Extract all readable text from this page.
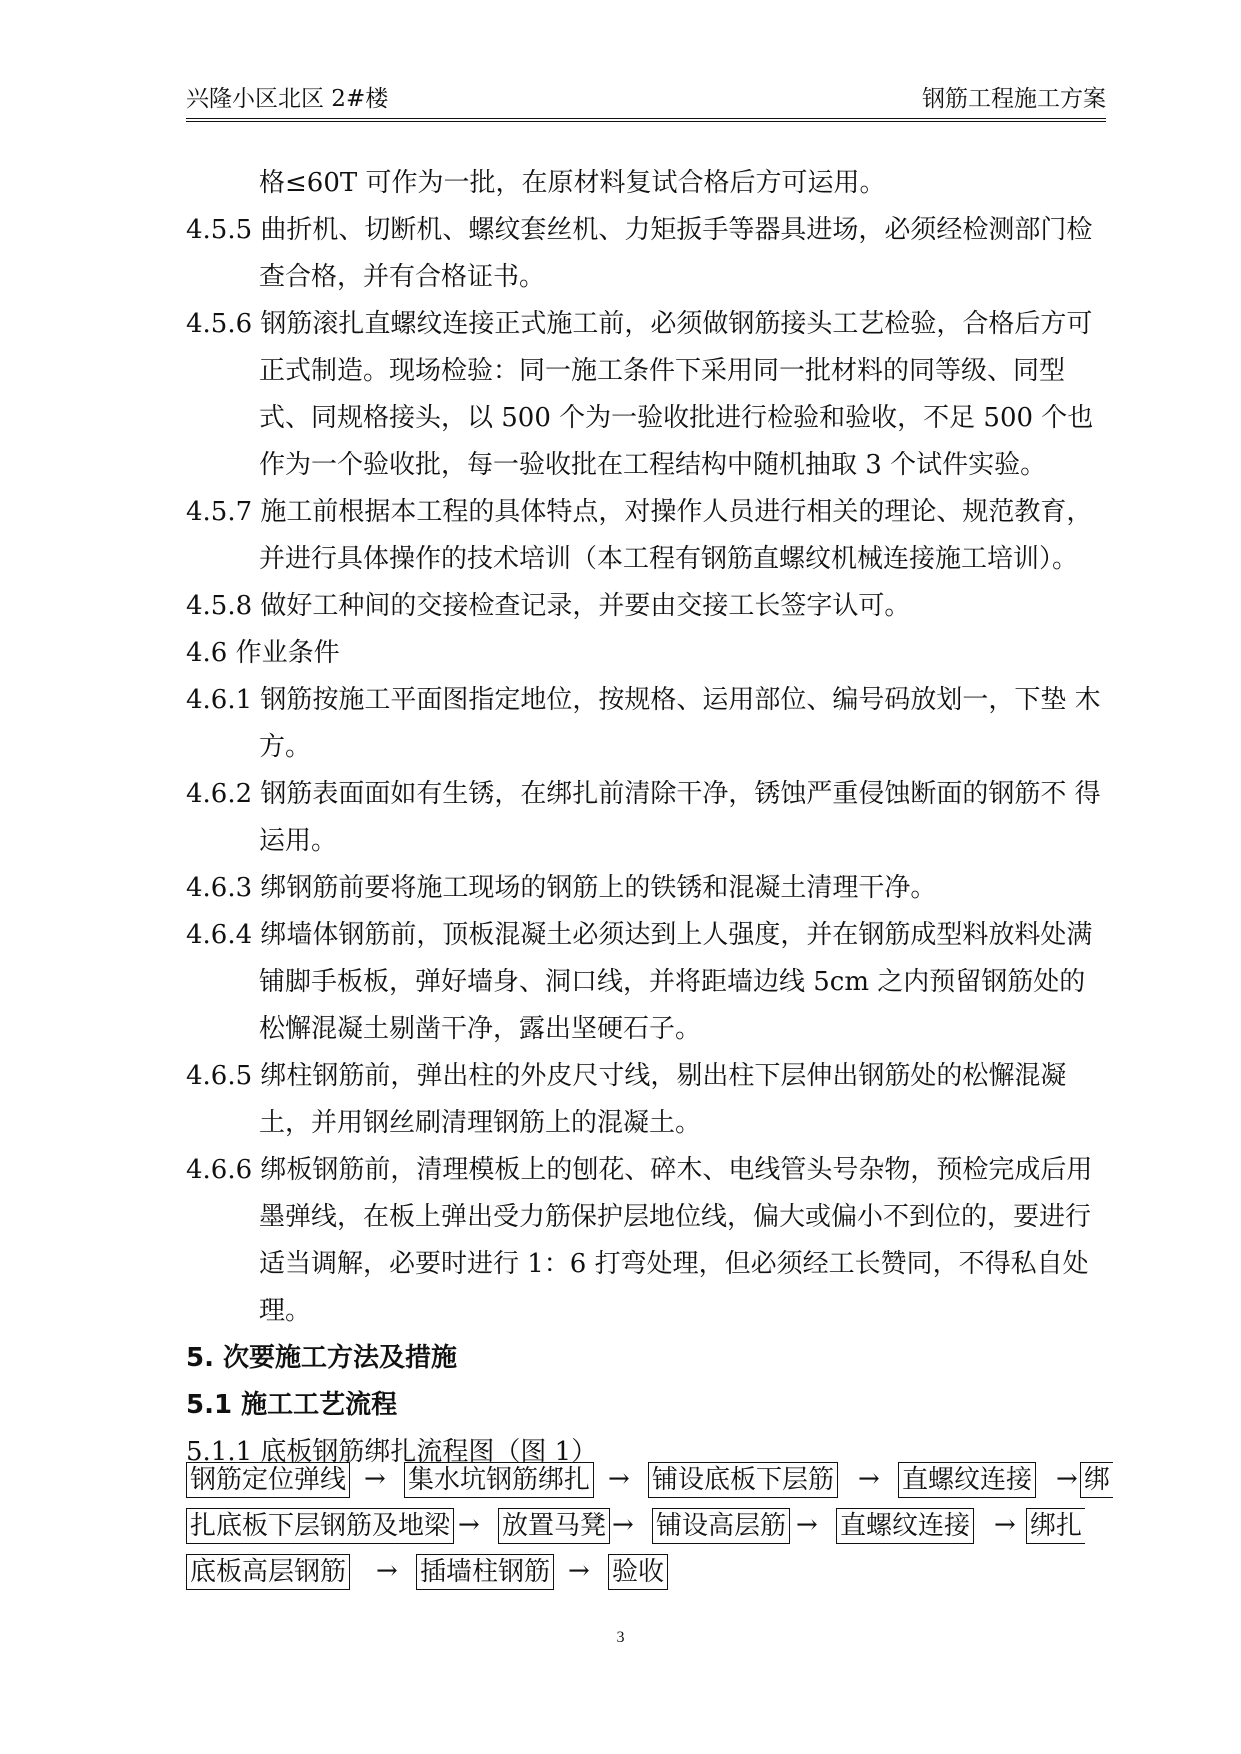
兴隆小区北区 2#楼	钢筋工程施工方案

格≤60T 可作为一批，在原材料复试合格后方可运用。

4.5.5 曲折机、切断机、螺纹套丝机、力矩扳手等器具进场，必须经检测部门检查合格，并有合格证书。

4.5.6 钢筋滚扎直螺纹连接正式施工前，必须做钢筋接头工艺检验，合格后方可正式制造。现场检验：同一施工条件下采用同一批材料的同等级、同型式、同规格接头，以 500 个为一验收批进行检验和验收，不足 500 个也作为一个验收批，每一验收批在工程结构中随机抽取 3 个试件实验。

4.5.7 施工前根据本工程的具体特点，对操作人员进行相关的理论、规范教育，并进行具体操作的技术培训（本工程有钢筋直螺纹机械连接施工培训）。

4.5.8 做好工种间的交接检查记录，并要由交接工长签字认可。

4.6 作业条件

4.6.1 钢筋按施工平面图指定地位，按规格、运用部位、编号码放划一，下垫 木方。

4.6.2 钢筋表面面如有生锈，在绑扎前清除干净，锈蚀严重侵蚀断面的钢筋不 得运用。

4.6.3 绑钢筋前要将施工现场的钢筋上的铁锈和混凝土清理干净。

4.6.4 绑墙体钢筋前，顶板混凝土必须达到上人强度，并在钢筋成型料放料处满铺脚手板板，弹好墙身、洞口线，并将距墙边线 5cm 之内预留钢筋处的松懈混凝土剔凿干净，露出坚硬石子。

4.6.5 绑柱钢筋前，弹出柱的外皮尺寸线，剔出柱下层伸出钢筋处的松懈混凝土，并用钢丝刷清理钢筋上的混凝土。

4.6.6 绑板钢筋前，清理模板上的刨花、碎木、电线管头号杂物，预检完成后用墨弹线，在板上弹出受力筋保护层地位线，偏大或偏小不到位的，要进行适当调解，必要时进行 1：6 打弯处理，但必须经工长赞同，不得私自处理。

5. 次要施工方法及措施

5.1 施工工艺流程

5.1.1 底板钢筋绑扎流程图（图 1）

钢筋定位弹线 → 集水坑钢筋绑扎 → 铺设底板下层筋 → 直螺纹连接 → 绑
扎底板下层钢筋及地梁 → 放置马凳 → 铺设高层筋 → 直螺纹连接 → 绑扎
底板高层钢筋 → 插墙柱钢筋 → 验收
3
